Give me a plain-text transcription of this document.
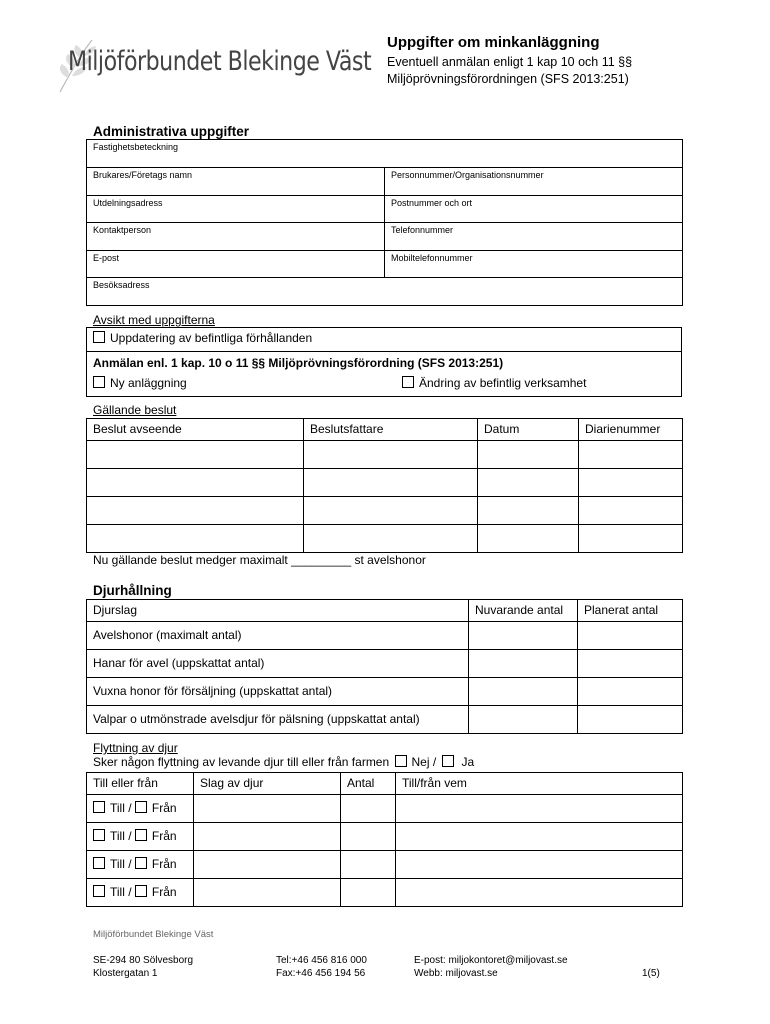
Miljöförbundet Blekinge Väst
Uppgifter om minkanläggning
Eventuell anmälan enligt 1 kap 10 och 11 §§
Miljöprövningsförordningen (SFS 2013:251)
Administrativa uppgifter
Fastighetsbeteckning	
Brukares/Företags namn	Personnummer/Organisationsnummer
Utdelningsadress	Postnummer och ort
Kontaktperson	Telefonnummer
E-post	Mobiltelefonnummer
Besöksadress	
Avsikt med uppgifterna
Uppdatering av befintliga förhållanden

Anmälan enl. 1 kap. 10 o 11 §§ Miljöprövningsförordning (SFS 2013:251)
Ny anläggning	Ändring av befintlig verksamhet
Gällande beslut
Beslut avseende	Beslutsfattare	Datum	Diarienummer

Nu gällande beslut medger maximalt _________ st avelshonor
Djurhållning
Djurslag	Nuvarande antal	Planerat antal
Avelshonor (maximalt antal)		
Hanar för avel (uppskattat antal)		
Vuxna honor för försäljning (uppskattat antal)		
Valpar o utmönstrade avelsdjur för pälsning (uppskattat antal)		
Flyttning av djur
Sker någon flyttning av levande djur till eller från farmen Nej / Ja
Till eller från	Slag av djur	Antal	Till/från vem
Till / Från			
Till / Från			
Till / Från			
Till / Från			
Miljöförbundet Blekinge Väst
SE-294 80 Sölvesborg
Klostergatan 1
Tel:+46 456 816 000
Fax:+46 456 194 56
E-post: miljokontoret@miljovast.se
Webb: miljovast.se	1(5)
